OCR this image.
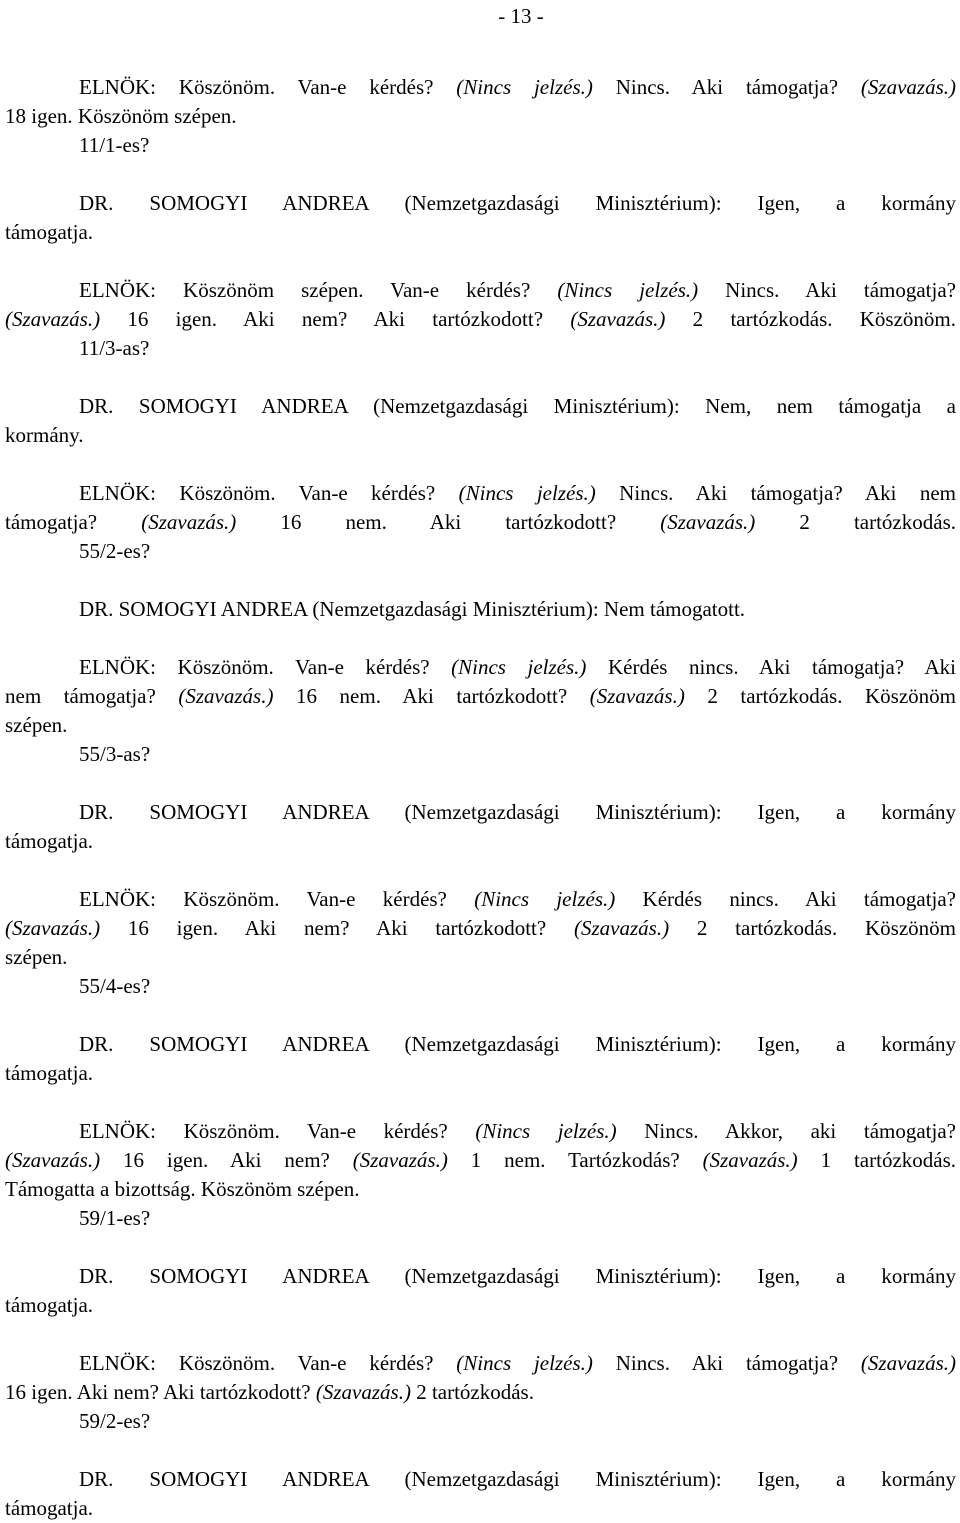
- 13 -
ELNÖK: Köszönöm. Van-e kérdés? (Nincs jelzés.) Nincs. Aki támogatja? (Szavazás.)
18 igen. Köszönöm szépen.
11/1-es?
DR. SOMOGYI ANDREA (Nemzetgazdasági Minisztérium): Igen, a kormány
támogatja.
ELNÖK: Köszönöm szépen. Van-e kérdés? (Nincs jelzés.) Nincs. Aki támogatja?
(Szavazás.) 16 igen. Aki nem? Aki tartózkodott? (Szavazás.) 2 tartózkodás. Köszönöm.
11/3-as?
DR. SOMOGYI ANDREA (Nemzetgazdasági Minisztérium): Nem, nem támogatja a
kormány.
ELNÖK: Köszönöm. Van-e kérdés? (Nincs jelzés.) Nincs. Aki támogatja? Aki nem
támogatja? (Szavazás.) 16 nem. Aki tartózkodott? (Szavazás.) 2 tartózkodás.
55/2-es?
DR. SOMOGYI ANDREA (Nemzetgazdasági Minisztérium): Nem támogatott.
ELNÖK: Köszönöm. Van-e kérdés? (Nincs jelzés.) Kérdés nincs. Aki támogatja? Aki
nem támogatja? (Szavazás.) 16 nem. Aki tartózkodott? (Szavazás.) 2 tartózkodás. Köszönöm
szépen.
55/3-as?
DR. SOMOGYI ANDREA (Nemzetgazdasági Minisztérium): Igen, a kormány
támogatja.
ELNÖK: Köszönöm. Van-e kérdés? (Nincs jelzés.) Kérdés nincs. Aki támogatja?
(Szavazás.) 16 igen. Aki nem? Aki tartózkodott? (Szavazás.) 2 tartózkodás. Köszönöm
szépen.
55/4-es?
DR. SOMOGYI ANDREA (Nemzetgazdasági Minisztérium): Igen, a kormány
támogatja.
ELNÖK: Köszönöm. Van-e kérdés? (Nincs jelzés.) Nincs. Akkor, aki támogatja?
(Szavazás.) 16 igen. Aki nem? (Szavazás.) 1 nem. Tartózkodás? (Szavazás.) 1 tartózkodás.
Támogatta a bizottság. Köszönöm szépen.
59/1-es?
DR. SOMOGYI ANDREA (Nemzetgazdasági Minisztérium): Igen, a kormány
támogatja.
ELNÖK: Köszönöm. Van-e kérdés? (Nincs jelzés.) Nincs. Aki támogatja? (Szavazás.)
16 igen. Aki nem? Aki tartózkodott? (Szavazás.) 2 tartózkodás.
59/2-es?
DR. SOMOGYI ANDREA (Nemzetgazdasági Minisztérium): Igen, a kormány
támogatja.
